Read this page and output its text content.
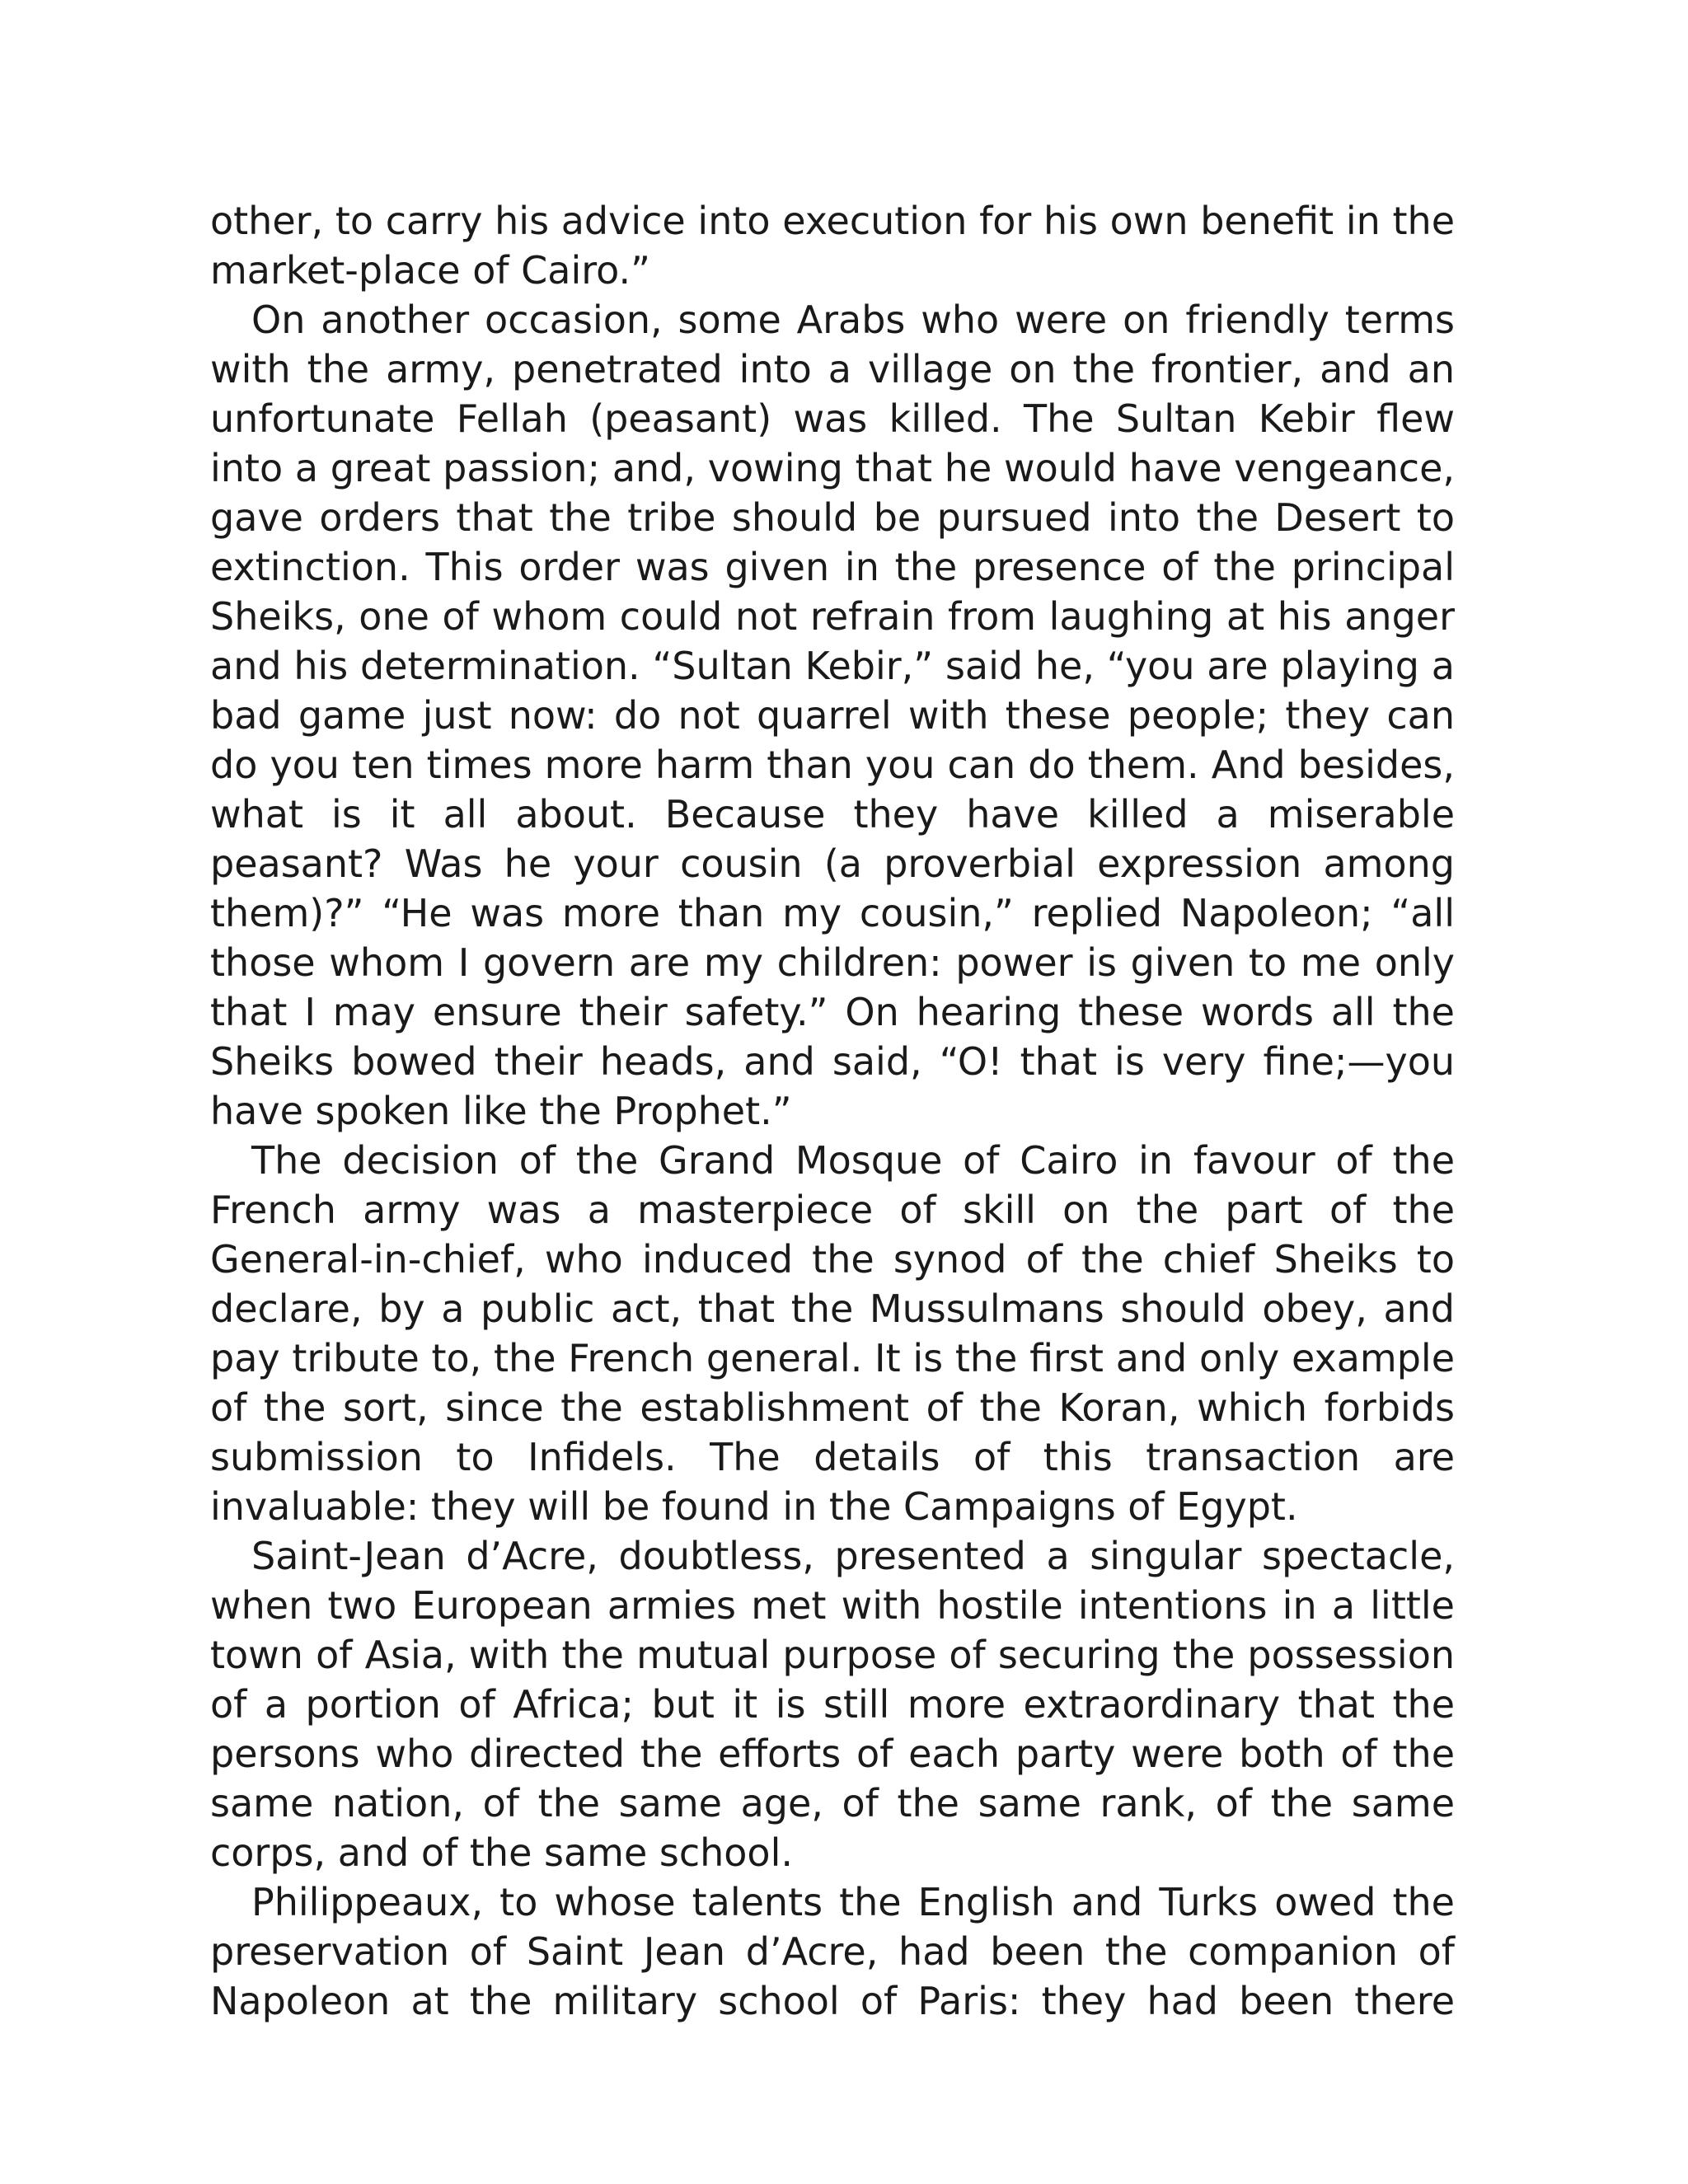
other, to carry his advice into execution for his own benefit in the market-place of Cairo.”

On another occasion, some Arabs who were on friendly terms with the army, penetrated into a village on the frontier, and an unfortunate Fellah (peasant) was killed. The Sultan Kebir flew into a great passion; and, vowing that he would have vengeance, gave orders that the tribe should be pursued into the Desert to extinction. This order was given in the presence of the principal Sheiks, one of whom could not refrain from laughing at his anger and his determination. “Sultan Kebir,” said he, “you are playing a bad game just now: do not quarrel with these people; they can do you ten times more harm than you can do them. And besides, what is it all about. Because they have killed a miserable peasant? Was he your cousin (a proverbial expression among them)?” “He was more than my cousin,” replied Napoleon; “all those whom I govern are my children: power is given to me only that I may ensure their safety.” On hearing these words all the Sheiks bowed their heads, and said, “O! that is very fine;—you have spoken like the Prophet.”

The decision of the Grand Mosque of Cairo in favour of the French army was a masterpiece of skill on the part of the General-in-chief, who induced the synod of the chief Sheiks to declare, by a public act, that the Mussulmans should obey, and pay tribute to, the French general. It is the first and only example of the sort, since the establishment of the Koran, which forbids submission to Infidels. The details of this transaction are invaluable: they will be found in the Campaigns of Egypt.

Saint-Jean d’Acre, doubtless, presented a singular spectacle, when two European armies met with hostile intentions in a little town of Asia, with the mutual purpose of securing the possession of a portion of Africa; but it is still more extraordinary that the persons who directed the efforts of each party were both of the same nation, of the same age, of the same rank, of the same corps, and of the same school.

Philippeaux, to whose talents the English and Turks owed the preservation of Saint Jean d’Acre, had been the companion of Napoleon at the military school of Paris: they had been there
